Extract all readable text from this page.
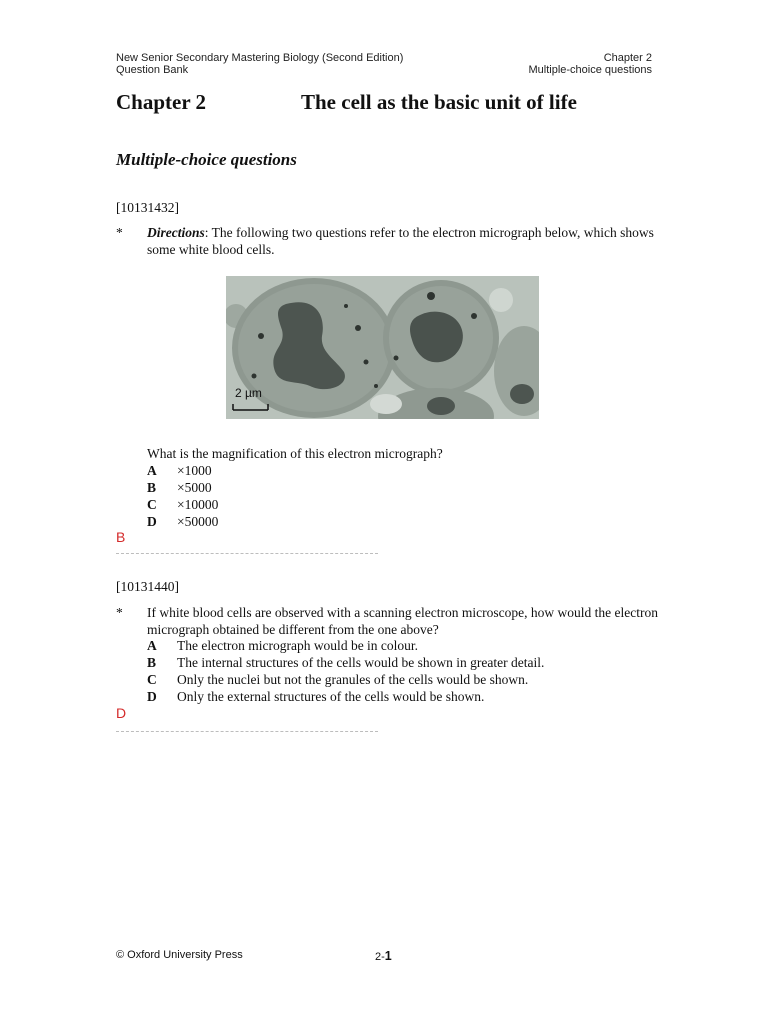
New Senior Secondary Mastering Biology (Second Edition)
Question Bank
Chapter 2
Multiple-choice questions
Chapter 2	The cell as the basic unit of life
Multiple-choice questions
[10131432]
* Directions: The following two questions refer to the electron micrograph below, which shows some white blood cells.
2 µm
What is the magnification of this electron micrograph?
A ×1000
B ×5000
C ×10000
D ×50000
B
[10131440]
* If white blood cells are observed with a scanning electron microscope, how would the electron micrograph obtained be different from the one above?
A The electron micrograph would be in colour.
B The internal structures of the cells would be shown in greater detail.
C Only the nuclei but not the granules of the cells would be shown.
D Only the external structures of the cells would be shown.
D
© Oxford University Press	2-1
